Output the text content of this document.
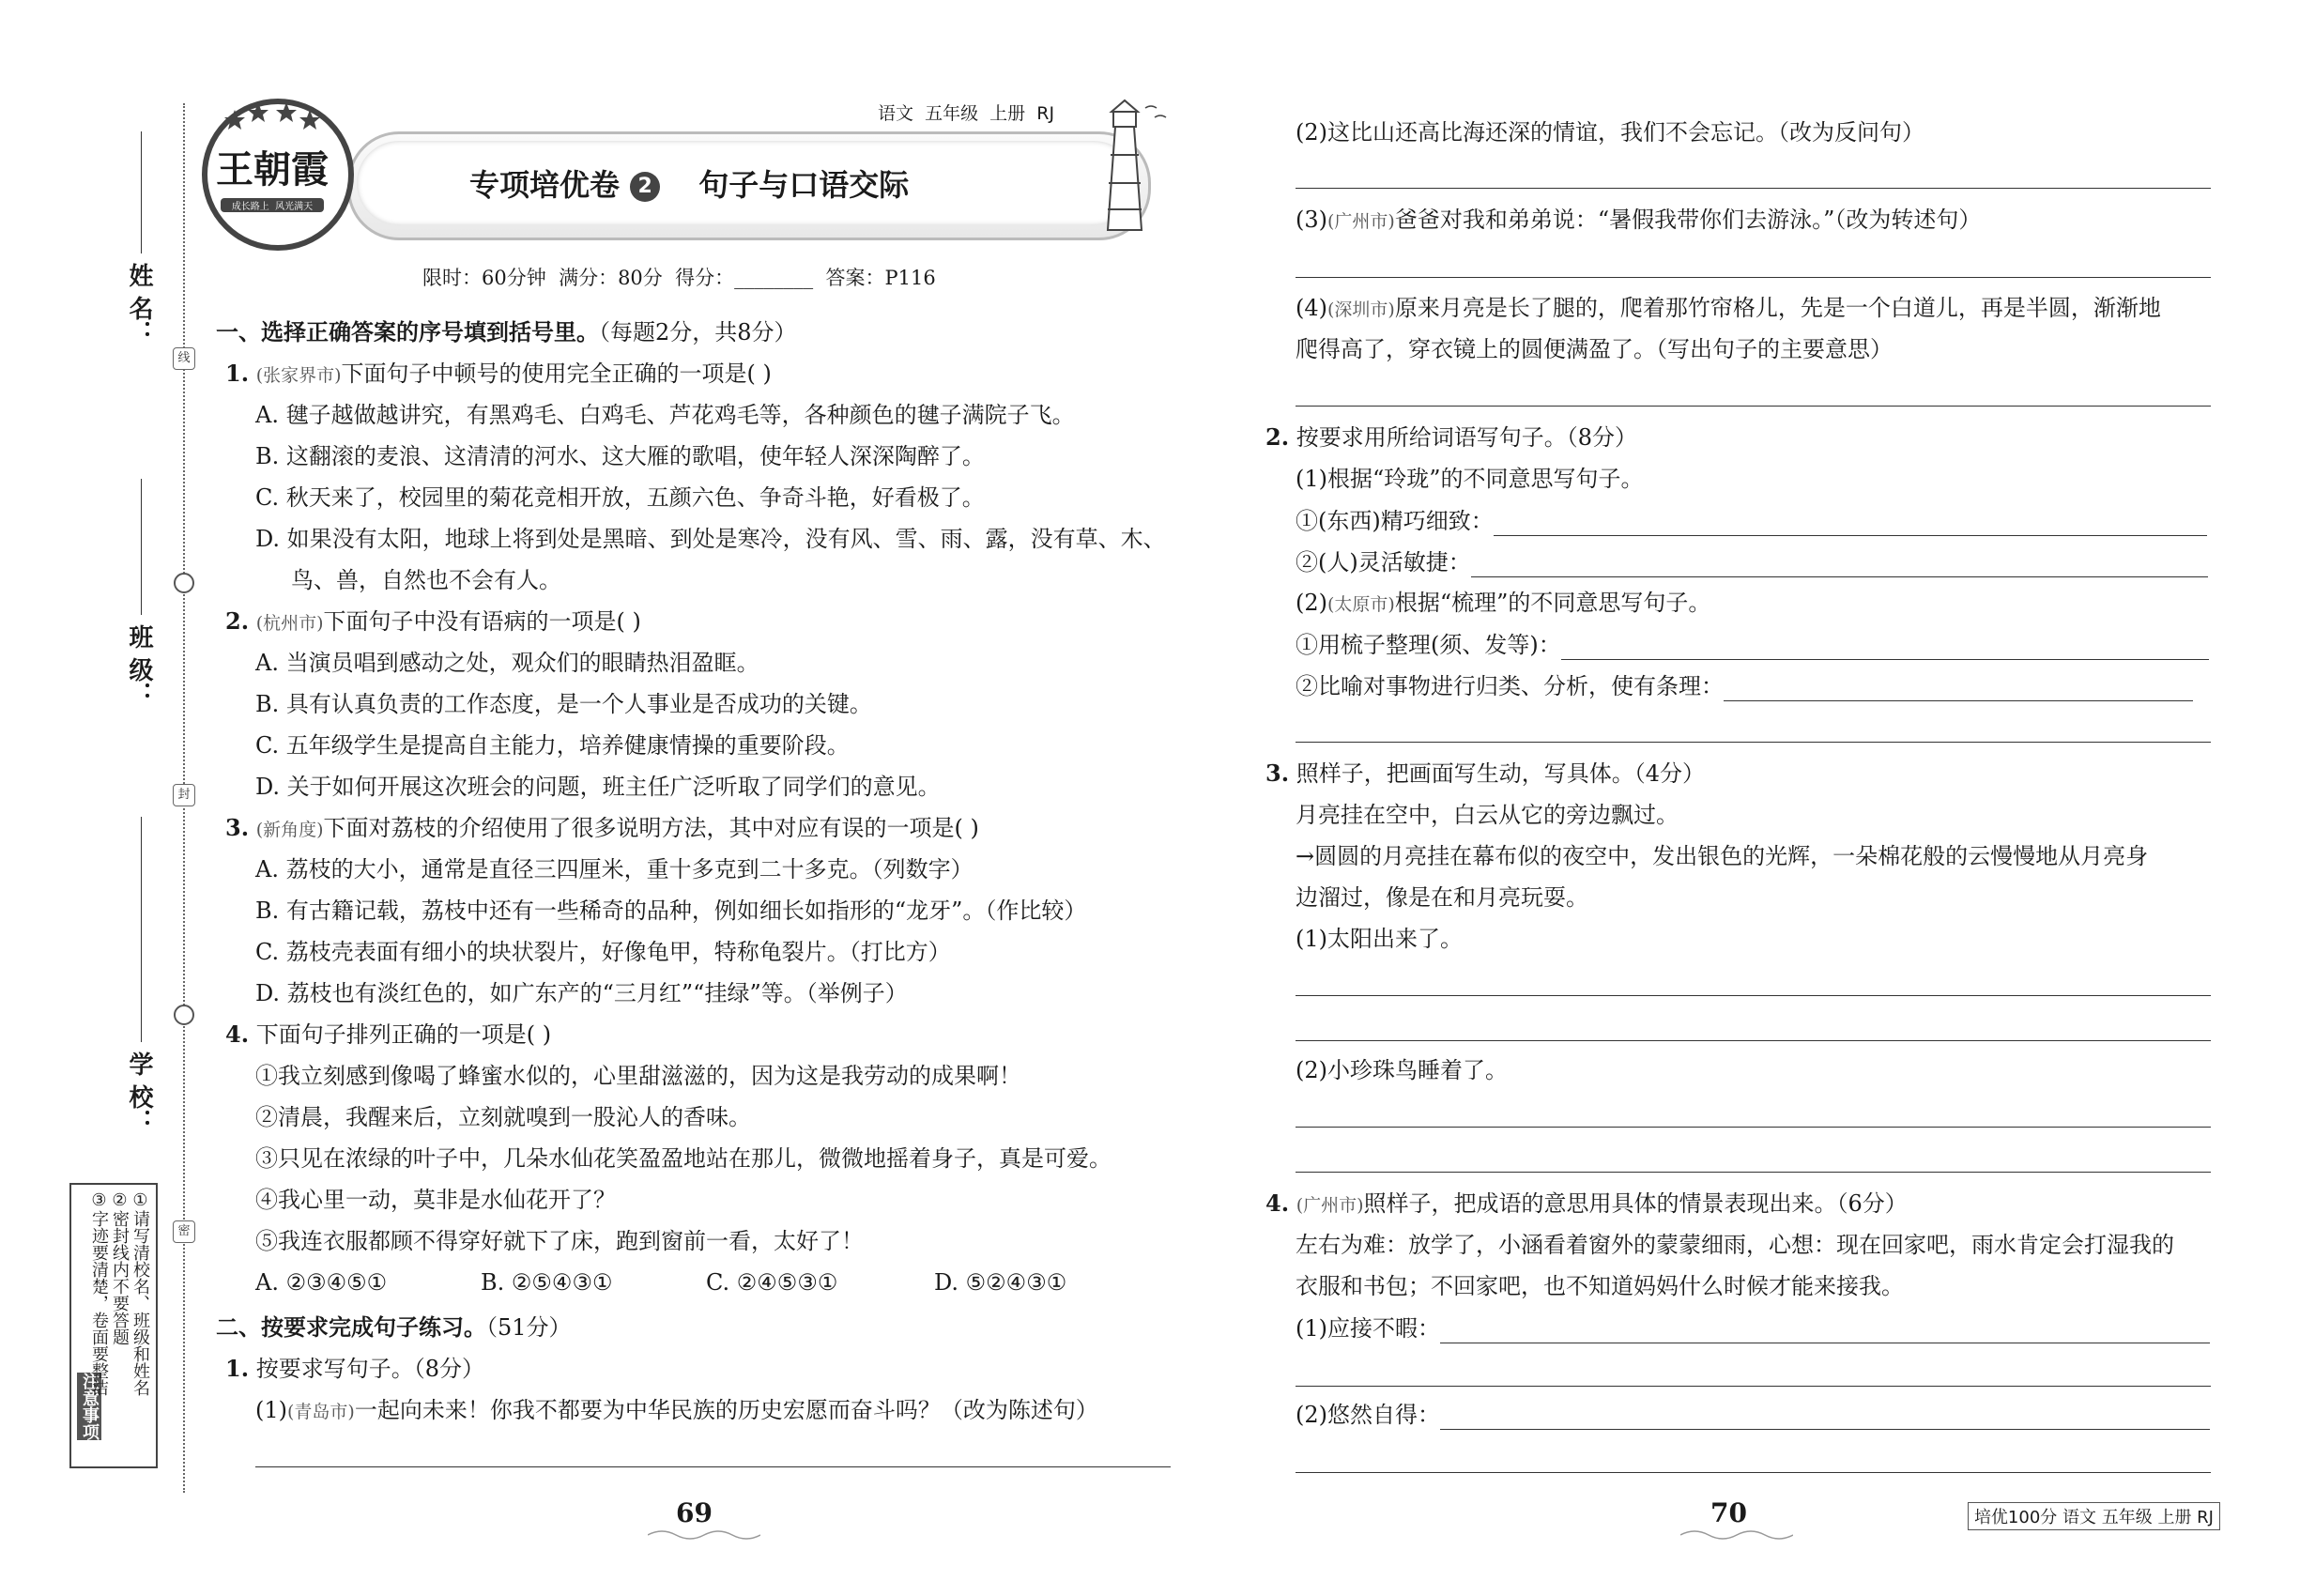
姓 名：
班 级：
学 校：
线
封
密
注意事项
①请写清校名、班级和姓名
②密封线内不要答题
③字迹要清楚，卷面要整洁
语文  五年级  上册  RJ
王朝霞
成长路上  风光满天
专项培优卷 2 句子与口语交际
限时：60分钟  满分：80分  得分：________  答案：P116
一、选择正确答案的序号填到括号里。（每题2分，共8分）
1. (张家界市)下面句子中顿号的使用完全正确的一项是( )
A. 毽子越做越讲究，有黑鸡毛、白鸡毛、芦花鸡毛等，各种颜色的毽子满院子飞。
B. 这翻滚的麦浪、这清清的河水、这大雁的歌唱，使年轻人深深陶醉了。
C. 秋天来了，校园里的菊花竞相开放，五颜六色、争奇斗艳，好看极了。
D. 如果没有太阳，地球上将到处是黑暗、到处是寒冷，没有风、雪、雨、露，没有草、木、
鸟、兽，自然也不会有人。
2. (杭州市)下面句子中没有语病的一项是( )
A. 当演员唱到感动之处，观众们的眼睛热泪盈眶。
B. 具有认真负责的工作态度，是一个人事业是否成功的关键。
C. 五年级学生是提高自主能力，培养健康情操的重要阶段。
D. 关于如何开展这次班会的问题，班主任广泛听取了同学们的意见。
3. (新角度)下面对荔枝的介绍使用了很多说明方法，其中对应有误的一项是( )
A. 荔枝的大小，通常是直径三四厘米，重十多克到二十多克。（列数字）
B. 有古籍记载，荔枝中还有一些稀奇的品种，例如细长如指形的“龙牙”。（作比较）
C. 荔枝壳表面有细小的块状裂片，好像龟甲，特称龟裂片。（打比方）
D. 荔枝也有淡红色的，如广东产的“三月红”“挂绿”等。（举例子）
4. 下面句子排列正确的一项是( )
①我立刻感到像喝了蜂蜜水似的，心里甜滋滋的，因为这是我劳动的成果啊！
②清晨，我醒来后，立刻就嗅到一股沁人的香味。
③只见在浓绿的叶子中，几朵水仙花笑盈盈地站在那儿，微微地摇着身子，真是可爱。
④我心里一动，莫非是水仙花开了？
⑤我连衣服都顾不得穿好就下了床，跑到窗前一看，太好了！
A. ②③④⑤①	B. ②⑤④③①	C. ②④⑤③①	D. ⑤②④③①
二、按要求完成句子练习。（51分）
1. 按要求写句子。（8分）
(1)(青岛市)一起向未来！你我不都要为中华民族的历史宏愿而奋斗吗？（改为陈述句）
69
(2)这比山还高比海还深的情谊，我们不会忘记。（改为反问句）
(3)(广州市)爸爸对我和弟弟说：“暑假我带你们去游泳。”（改为转述句）
(4)(深圳市)原来月亮是长了腿的，爬着那竹帘格儿，先是一个白道儿，再是半圆，渐渐地
爬得高了，穿衣镜上的圆便满盈了。（写出句子的主要意思）
2. 按要求用所给词语写句子。（8分）
(1)根据“玲珑”的不同意思写句子。
①(东西)精巧细致：
②(人)灵活敏捷：
(2)(太原市)根据“梳理”的不同意思写句子。
①用梳子整理(须、发等)：
②比喻对事物进行归类、分析，使有条理：
3. 照样子，把画面写生动，写具体。（4分）
月亮挂在空中，白云从它的旁边飘过。
→圆圆的月亮挂在幕布似的夜空中，发出银色的光辉，一朵棉花般的云慢慢地从月亮身
边溜过，像是在和月亮玩耍。
(1)太阳出来了。
(2)小珍珠鸟睡着了。
4. (广州市)照样子，把成语的意思用具体的情景表现出来。（6分）
左右为难：放学了，小涵看着窗外的蒙蒙细雨，心想：现在回家吧，雨水肯定会打湿我的
衣服和书包；不回家吧，也不知道妈妈什么时候才能来接我。
(1)应接不暇：
(2)悠然自得：
70	培优100分 语文 五年级 上册 RJ
